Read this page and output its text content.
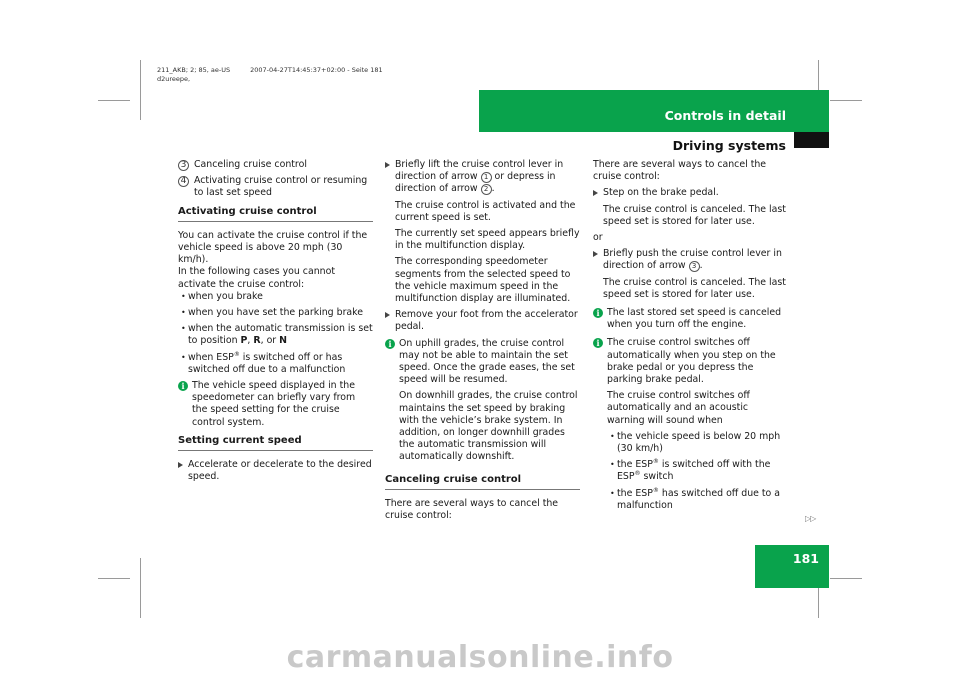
211_AKB; 2; 85, ae-US	2007-04-27T14:45:37+02:00 - Seite 181
d2ureepe,
Controls in detail
Driving systems
181
▷▷
3 Canceling cruise control
4 Activating cruise control or resuming to last set speed
Activating cruise control

You can activate the cruise control if the vehicle speed is above 20 mph (30 km/h).

In the following cases you cannot activate the cruise control:

• when you brake
• when you have set the parking brake
• when the automatic transmission is set to position P, R, or N
• when ESP® is switched off or has switched off due to a malfunction
i The vehicle speed displayed in the speedometer can briefly vary from the speed setting for the cruise control system.
Setting current speed
Accelerate or decelerate to the desired speed.
Briefly lift the cruise control lever in direction of arrow 1 or depress in direction of arrow 2 .
The cruise control is activated and the current speed is set.
The currently set speed appears briefly in the multifunction display.
The corresponding speedometer segments from the selected speed to the vehicle maximum speed in the multifunction display are illuminated.
Remove your foot from the accelerator pedal.
i On uphill grades, the cruise control may not be able to maintain the set speed. Once the grade eases, the set speed will be resumed.
On downhill grades, the cruise control maintains the set speed by braking with the vehicle’s brake system. In addition, on longer downhill grades the automatic transmission will automatically downshift.
Canceling cruise control

There are several ways to cancel the cruise control:

There are several ways to cancel the cruise control:

Step on the brake pedal.
The cruise control is canceled. The last speed set is stored for later use.

or

Briefly push the cruise control lever in direction of arrow 3 .
The cruise control is canceled. The last speed set is stored for later use.
i The last stored set speed is canceled when you turn off the engine.
i The cruise control switches off automatically when you step on the brake pedal or you depress the parking brake pedal.
The cruise control switches off automatically and an acoustic warning will sound when
• the vehicle speed is below 20 mph (30 km/h)
• the ESP® is switched off with the ESP® switch
• the ESP® has switched off due to a malfunction
carmanualsonline.info
